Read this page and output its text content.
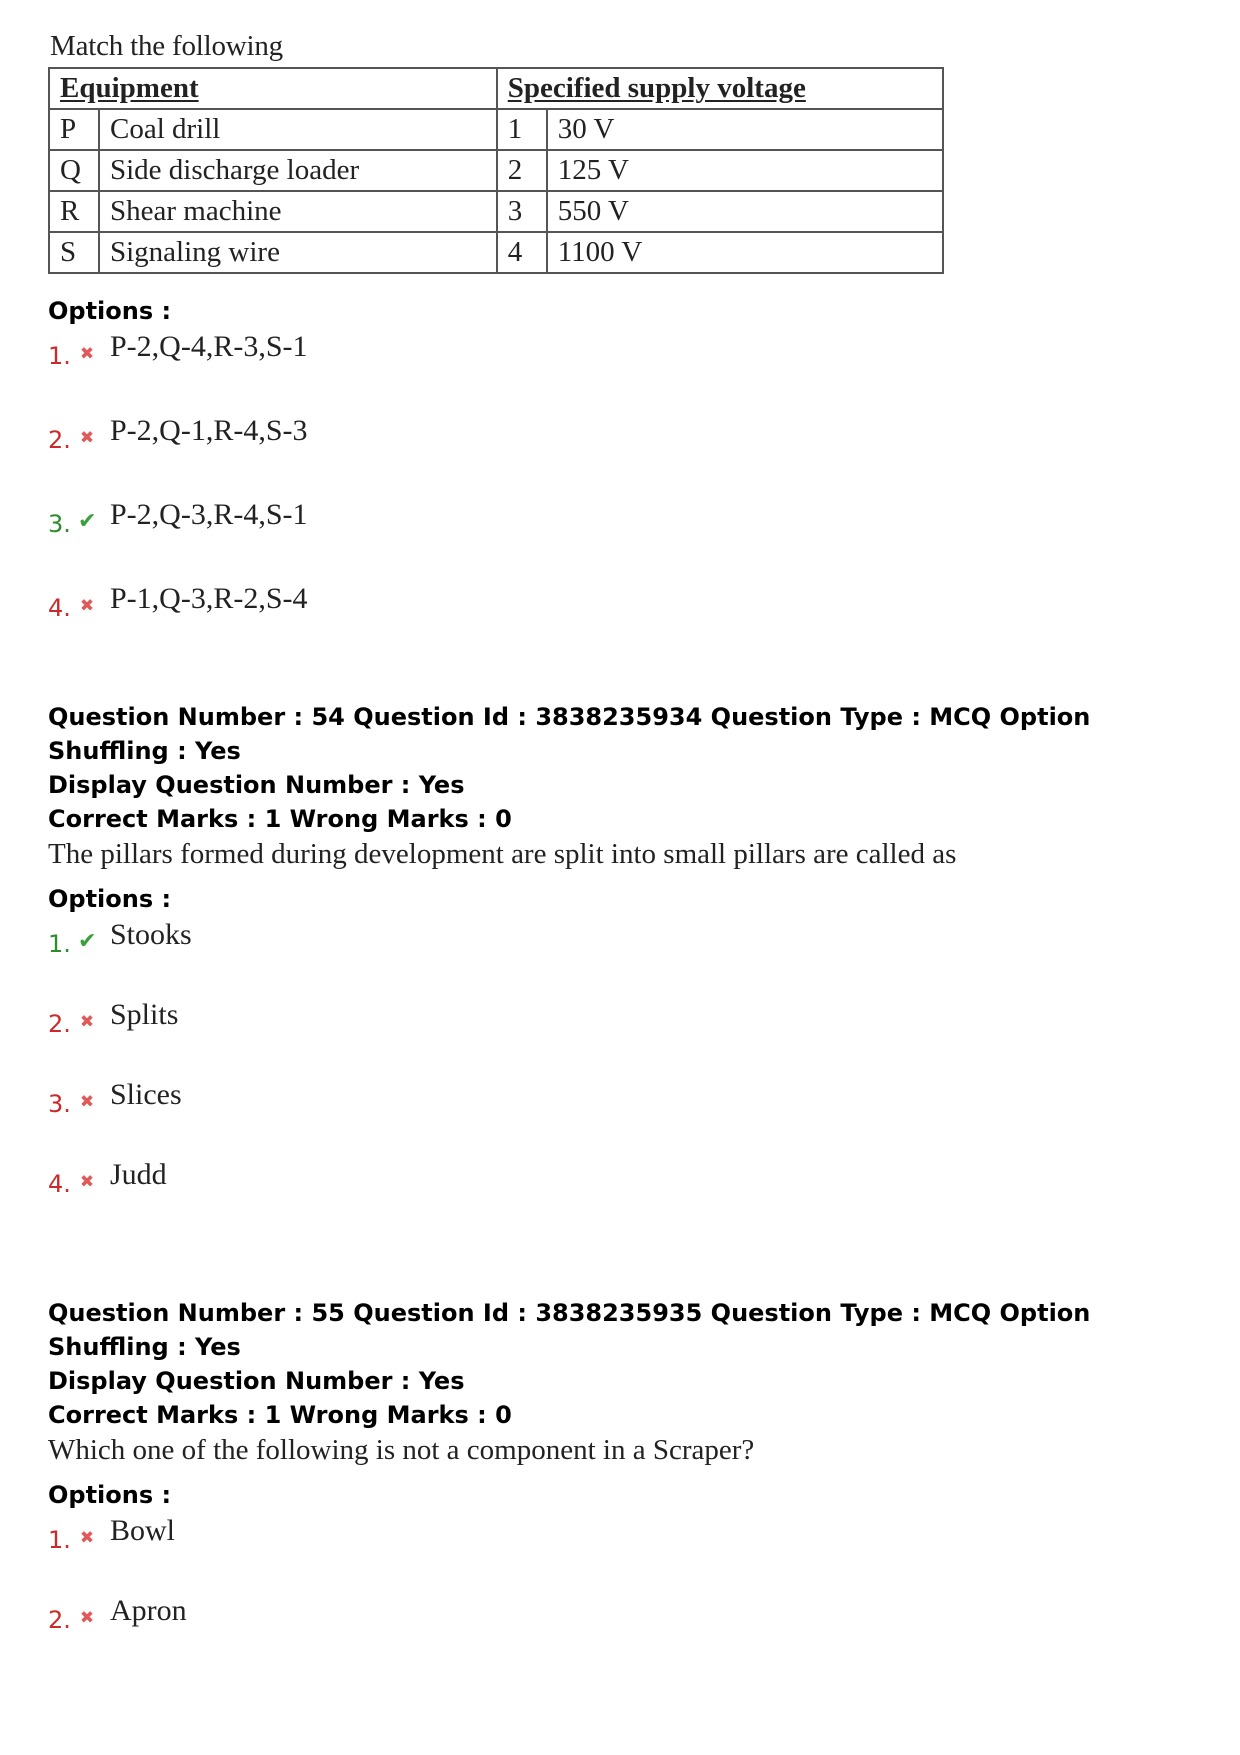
Match the following

Equipment		Specified supply voltage	
P	Coal drill	1	30 V
Q	Side discharge loader	2	125 V
R	Shear machine	3	550 V
S	Signaling wire	4	1100 V

Options :

1. ✖ P-2,Q-4,R-3,S-1
2. ✖ P-2,Q-1,R-4,S-3
3. ✔ P-2,Q-3,R-4,S-1
4. ✖ P-1,Q-3,R-2,S-4

Question Number : 54 Question Id : 3838235934 Question Type : MCQ Option Shuffling : Yes

Display Question Number : Yes

Correct Marks : 1 Wrong Marks : 0

The pillars formed during development are split into small pillars are called as

Options :

1. ✔ Stooks
2. ✖ Splits
3. ✖ Slices
4. ✖ Judd

Question Number : 55 Question Id : 3838235935 Question Type : MCQ Option Shuffling : Yes

Display Question Number : Yes

Correct Marks : 1 Wrong Marks : 0

Which one of the following is not a component in a Scraper?

Options :

1. ✖ Bowl
2. ✖ Apron
